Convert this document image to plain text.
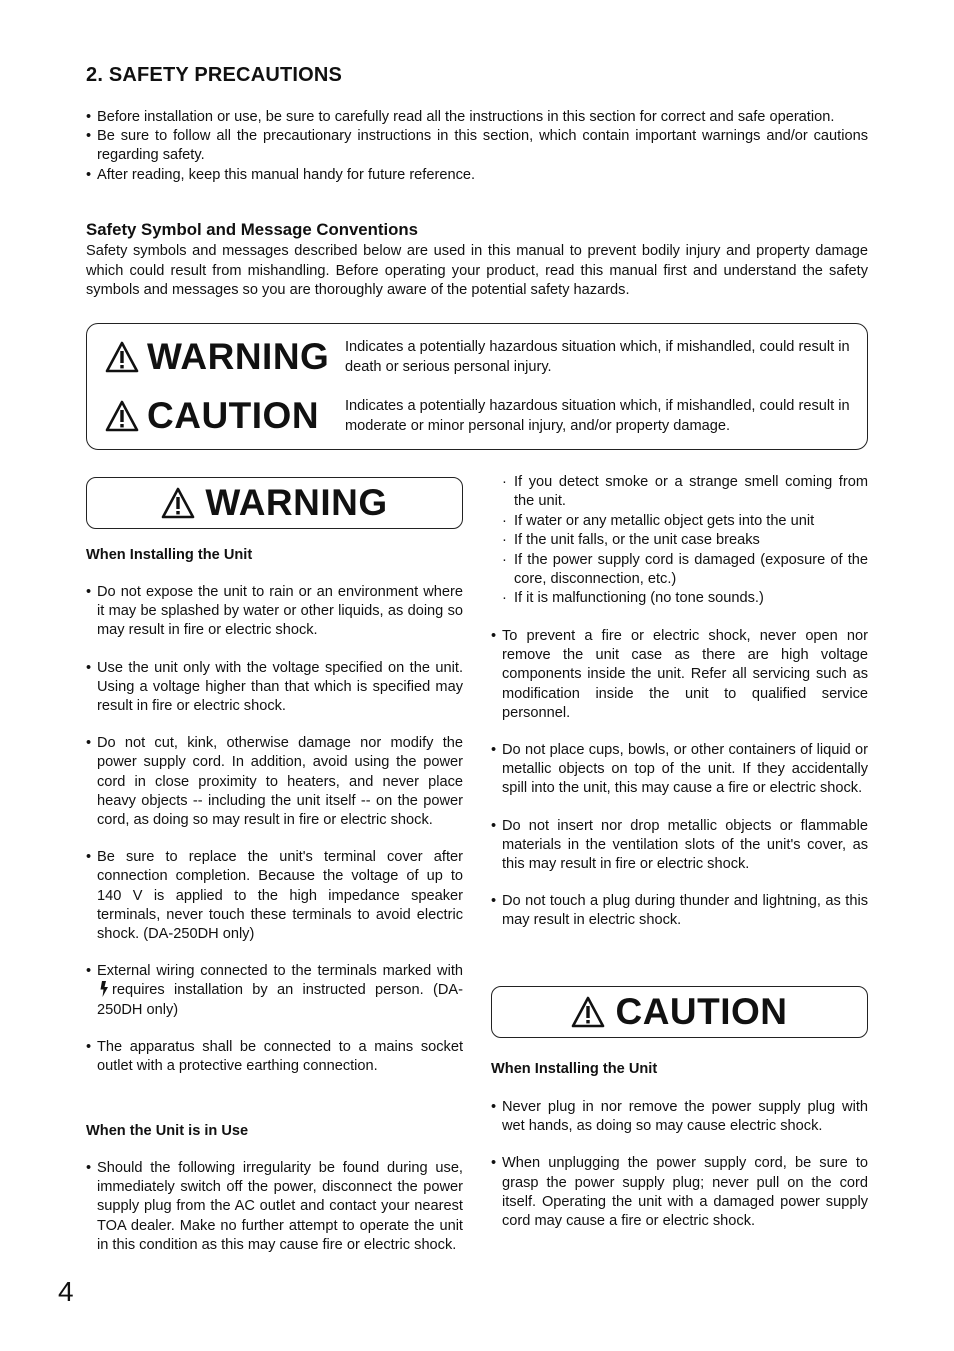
2. SAFETY PRECAUTIONS
• Before installation or use, be sure to carefully read all the instructions in this section for correct and safe operation.
• Be sure to follow all the precautionary instructions in this section, which contain important warnings and/or cautions regarding safety.
• After reading, keep this manual handy for future reference.
Safety Symbol and Message Conventions

Safety symbols and messages described below are used in this manual to prevent bodily injury and property damage which could result from mishandling. Before operating your product, read this manual first and understand the safety symbols and messages so you are thoroughly aware of the potential safety hazards.

WARNING Indicates a potentially hazardous situation which, if mishandled, could result in death or serious personal injury.
CAUTION Indicates a potentially hazardous situation which, if mishandled, could result in moderate or minor personal injury, and/or property damage.
WARNING
When Installing the Unit
• Do not expose the unit to rain or an environment where it may be splashed by water or other liquids, as doing so may result in fire or electric shock.
• Use the unit only with the voltage specified on the unit. Using a voltage higher than that which is specified may result in fire or electric shock.
• Do not cut, kink, otherwise damage nor modify the power supply cord. In addition, avoid using the power cord in close proximity to heaters, and never place heavy objects -- including the unit itself -- on the power cord, as doing so may result in fire or electric shock.
• Be sure to replace the unit's terminal cover after connection completion. Because the voltage of up to 140 V is applied to the high impedance speaker terminals, never touch these terminals to avoid electric shock. (DA-250DH only)
• External wiring connected to the terminals marked withrequires installation by an instructed person. (DA-250DH only)
• The apparatus shall be connected to a mains socket outlet with a protective earthing connection.
When the Unit is in Use
• Should the following irregularity be found during use, immediately switch off the power, disconnect the power supply plug from the AC outlet and contact your nearest TOA dealer. Make no further attempt to operate the unit in this condition as this may cause fire or electric shock.
· If you detect smoke or a strange smell coming from the unit.
· If water or any metallic object gets into the unit
· If the unit falls, or the unit case breaks
· If the power supply cord is damaged (exposure of the core, disconnection, etc.)
· If it is malfunctioning (no tone sounds.)
• To prevent a fire or electric shock, never open nor remove the unit case as there are high voltage components inside the unit. Refer all servicing such as modification inside the unit to qualified service personnel.
• Do not place cups, bowls, or other containers of liquid or metallic objects on top of the unit. If they accidentally spill into the unit, this may cause a fire or electric shock.
• Do not insert nor drop metallic objects or flammable materials in the ventilation slots of the unit's cover, as this may result in fire or electric shock.
• Do not touch a plug during thunder and lightning, as this may result in electric shock.
CAUTION
When Installing the Unit
• Never plug in nor remove the power supply plug with wet hands, as doing so may cause electric shock.
• When unplugging the power supply cord, be sure to grasp the power supply plug; never pull on the cord itself. Operating the unit with a damaged power supply cord may cause a fire or electric shock.
4
